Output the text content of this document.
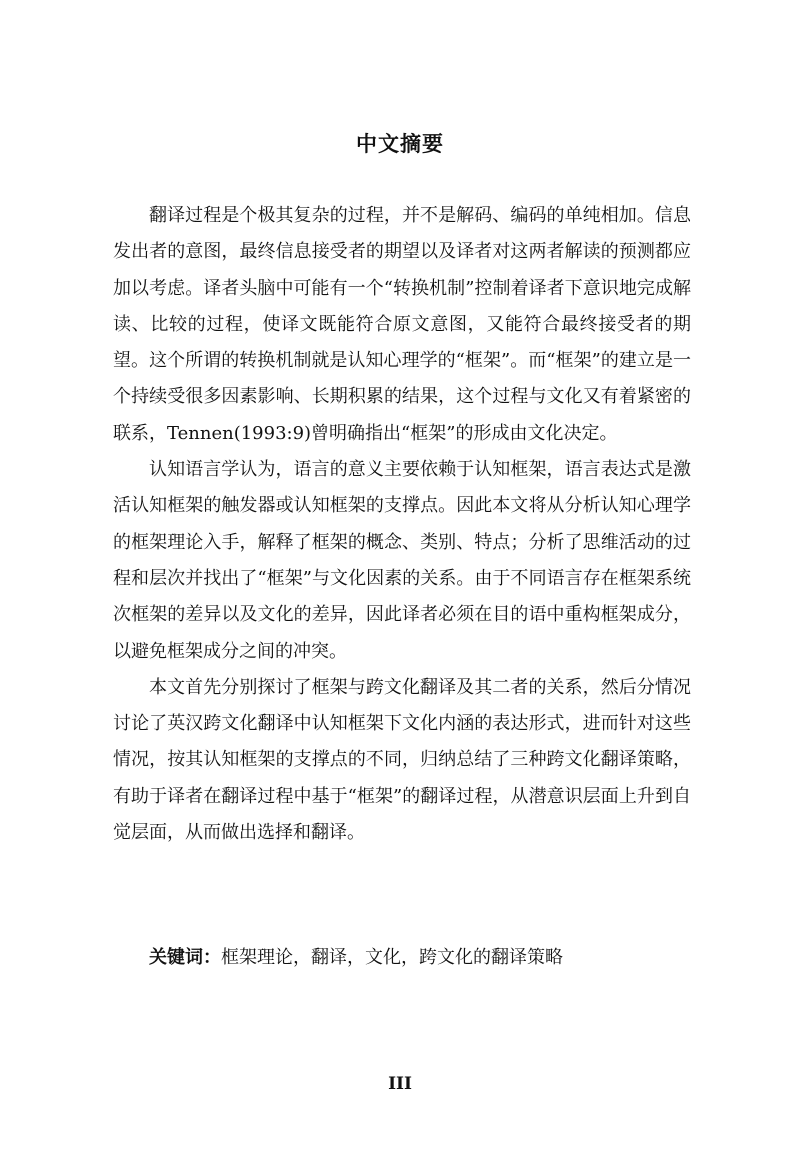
中文摘要

翻译过程是个极其复杂的过程，并不是解码、编码的单纯相加。信息发出者的意图，最终信息接受者的期望以及译者对这两者解读的预测都应加以考虑。译者头脑中可能有一个“转换机制”控制着译者下意识地完成解读、比较的过程，使译文既能符合原文意图，又能符合最终接受者的期望。这个所谓的转换机制就是认知心理学的“框架”。而“框架”的建立是一个持续受很多因素影响、长期积累的结果，这个过程与文化又有着紧密的联系，Tennen(1993:9)曾明确指出“框架”的形成由文化决定。

认知语言学认为，语言的意义主要依赖于认知框架，语言表达式是激活认知框架的触发器或认知框架的支撑点。因此本文将从分析认知心理学的框架理论入手，解释了框架的概念、类别、特点；分析了思维活动的过程和层次并找出了“框架”与文化因素的关系。由于不同语言存在框架系统次框架的差异以及文化的差异，因此译者必须在目的语中重构框架成分，以避免框架成分之间的冲突。

本文首先分别探讨了框架与跨文化翻译及其二者的关系，然后分情况讨论了英汉跨文化翻译中认知框架下文化内涵的表达形式，进而针对这些情况，按其认知框架的支撑点的不同，归纳总结了三种跨文化翻译策略，有助于译者在翻译过程中基于“框架”的翻译过程，从潜意识层面上升到自觉层面，从而做出选择和翻译。

关键词：框架理论，翻译，文化，跨文化的翻译策略
III
